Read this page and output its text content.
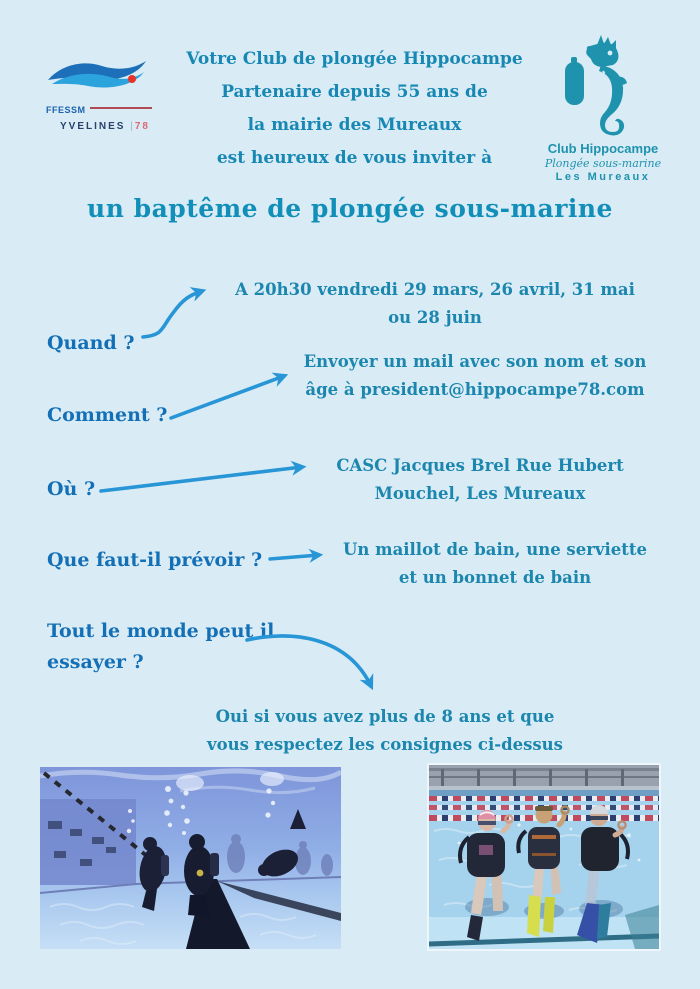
FFESSM
YVELINES |78
Club Hippocampe
Plongée sous-marine
Les Mureaux
Votre Club de plongée Hippocampe
Partenaire depuis 55 ans de
la mairie des Mureaux
est heureux de vous inviter à
un baptême de plongée sous-marine
A 20h30 vendredi 29 mars, 26 avril, 31 mai
ou 28 juin
Quand ?
Envoyer un mail avec son nom et son
âge à president@hippocampe78.com
Comment ?
CASC Jacques Brel Rue Hubert
Mouchel, Les Mureaux
Où ?
Un maillot de bain, une serviette
et un bonnet de bain
Que faut-il prévoir ?
Tout le monde peut il
essayer ?
Oui si vous avez plus de 8 ans et que
vous respectez les consignes ci-dessus
